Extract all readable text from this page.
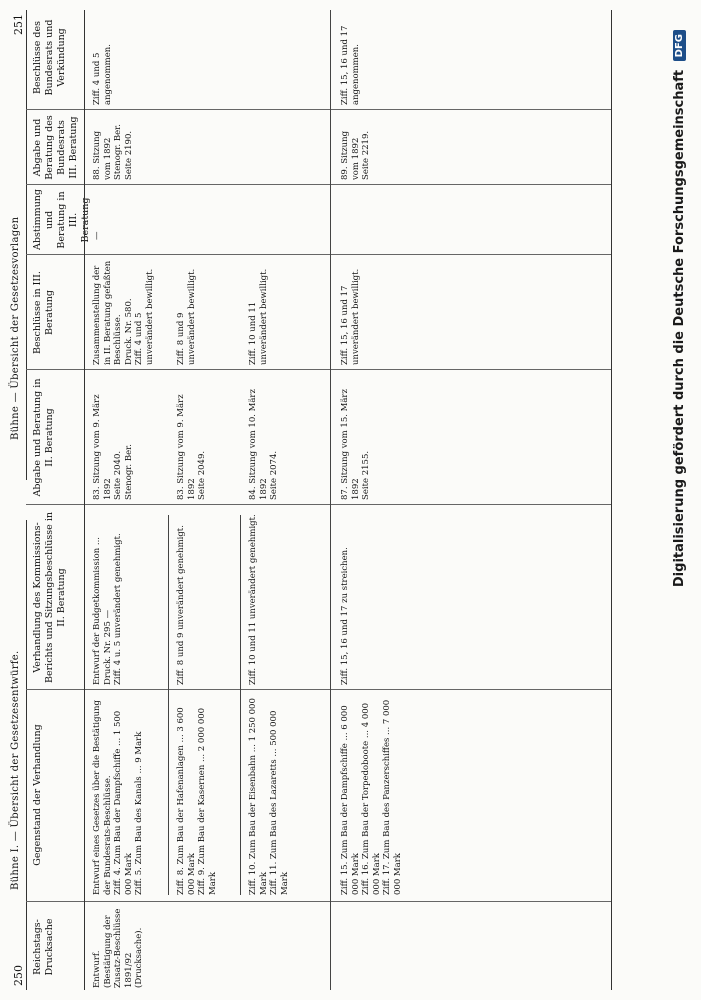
250
251
Bühne I. — Übersicht der Gesetzesentwürfe.
Bühne — Übersicht der Gesetzesvorlagen
Reichstags-Drucksache
Gegenstand der Verhandlung
Verhandlung des Kommissions-Berichts und Sitzungsbeschlüsse in II. Beratung
Abgabe und Beratung in II. Beratung
Beschlüsse in III. Beratung
Abstimmung und Beratung in III. Beratung
Abgabe und Beratung des Bundesrats III. Beratung
Beschlüsse des Bundesrats und Verkündung
Entwurf.
(Bestätigung der Zusatz-Beschlüsse
1891/92
(Drucksache).
Entwurf eines Gesetzes über die Bestätigung der Bundesrats-Beschlüsse.
Ziff. 4. Zum Bau der Dampfschiffe ... 1 500 000 Mark
Ziff. 5. Zum Bau des Kanals ... 9 Mark
Entwurf der Budgetkommission ...
Druck. Nr. 295 —
Ziff. 4 u. 5 unverändert genehmigt.
83. Sitzung vom 9. März 1892
Seite 2040.
Stenogr. Ber.
Zusammenstellung der in II. Beratung gefaßten Beschlüsse.
Druck. Nr. 580.
Ziff. 4 und 5 unverändert bewilligt.
—
88. Sitzung
vom 1892
Stenogr. Ber.
Seite 2190.
Ziff. 4 und 5 angenommen.
Ziff. 8. Zum Bau der Hafenanlagen ... 3 600 000 Mark
Ziff. 9. Zum Bau der Kasernen ... 2 000 000 Mark
Ziff. 8 und 9 unverändert genehmigt.
83. Sitzung vom 9. März 1892
Seite 2049.
Ziff. 8 und 9 unverändert bewilligt.
Ziff. 10. Zum Bau der Eisenbahn ... 1 250 000 Mark
Ziff. 11. Zum Bau des Lazaretts ... 500 000 Mark
Ziff. 10 und 11 unverändert genehmigt.
84. Sitzung vom 10. März 1892
Seite 2074.
Ziff. 10 und 11 unverändert bewilligt.
Ziff. 15. Zum Bau der Dampfschiffe ... 6 000 000 Mark
Ziff. 16. Zum Bau der Torpedoboote ... 4 000 000 Mark
Ziff. 17. Zum Bau des Panzerschiffes ... 7 000 000 Mark
Ziff. 15, 16 und 17 zu streichen.
87. Sitzung vom 15. März 1892
Seite 2155.
Ziff. 15, 16 und 17 unverändert bewilligt.
89. Sitzung
vom 1892
Seite 2219.
Ziff. 15, 16 und 17 angenommen.	Digitalisierung gefördert durch die Deutsche Forschungsgemeinschaft DFG
